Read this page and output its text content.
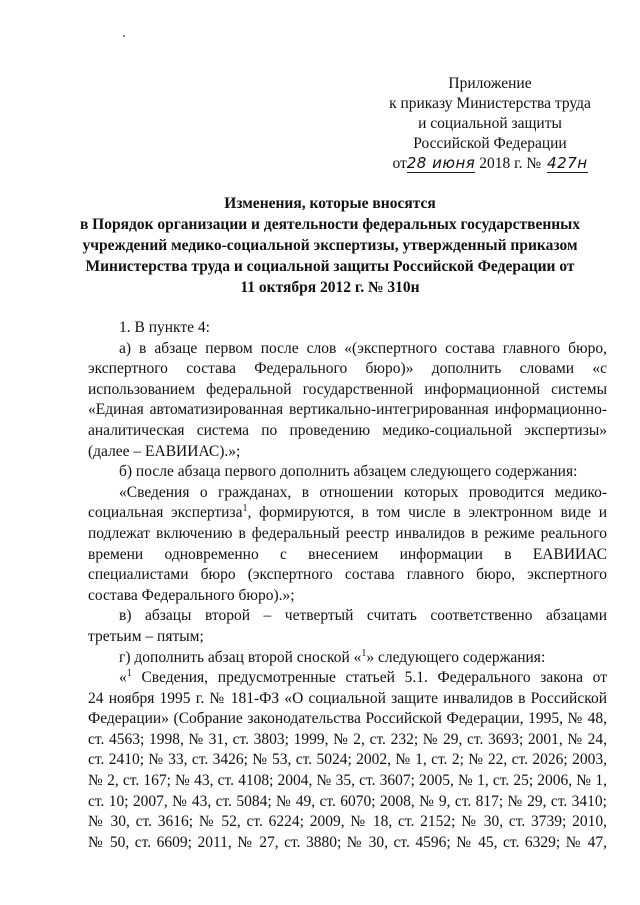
Приложение
к приказу Министерства труда
и социальной защиты
Российской Федерации
от28 июня 2018 г. № 427н
Изменения, которые вносятся
в Порядок организации и деятельности федеральных государственных
учреждений медико-социальной экспертизы, утвержденный приказом
Министерства труда и социальной защиты Российской Федерации от
11 октября 2012 г. № 310н
1. В пункте 4:
а) в абзаце первом после слов «(экспертного состава главного бюро,
экспертного состава Федерального бюро)» дополнить словами «с
использованием федеральной государственной информационной системы
«Единая автоматизированная вертикально-интегрированная информационно-
аналитическая система по проведению медико-социальной экспертизы»
(далее – ЕАВИИАС).»;
б) после абзаца первого дополнить абзацем следующего содержания:
«Сведения о гражданах, в отношении которых проводится медико-
социальная экспертиза$^1$, формируются, в том числе в электронном виде и
подлежат включению в федеральный реестр инвалидов в режиме реального
времени одновременно с внесением информации в ЕАВИИАС
специалистами бюро (экспертного состава главного бюро, экспертного
состава Федерального бюро).»;
в) абзацы второй – четвертый считать соответственно абзацами
третьим – пятым;
г) дополнить абзац второй сноской «$^1$» следующего содержания:
«$^1$ Сведения, предусмотренные статьей 5.1. Федерального закона от
24 ноября 1995 г. № 181-ФЗ «О социальной защите инвалидов в Российской
Федерации» (Собрание законодательства Российской Федерации, 1995, № 48,
ст. 4563; 1998, № 31, ст. 3803; 1999, № 2, ст. 232; № 29, ст. 3693; 2001, № 24,
ст. 2410; № 33, ст. 3426; № 53, ст. 5024; 2002, № 1, ст. 2; № 22, ст. 2026; 2003,
№ 2, ст. 167; № 43, ст. 4108; 2004, № 35, ст. 3607; 2005, № 1, ст. 25; 2006, № 1,
ст. 10; 2007, № 43, ст. 5084; № 49, ст. 6070; 2008, № 9, ст. 817; № 29, ст. 3410;
№ 30, ст. 3616; № 52, ст. 6224; 2009, № 18, ст. 2152; № 30, ст. 3739; 2010,
№ 50, ст. 6609; 2011, № 27, ст. 3880; № 30, ст. 4596; № 45, ст. 6329; № 47,
